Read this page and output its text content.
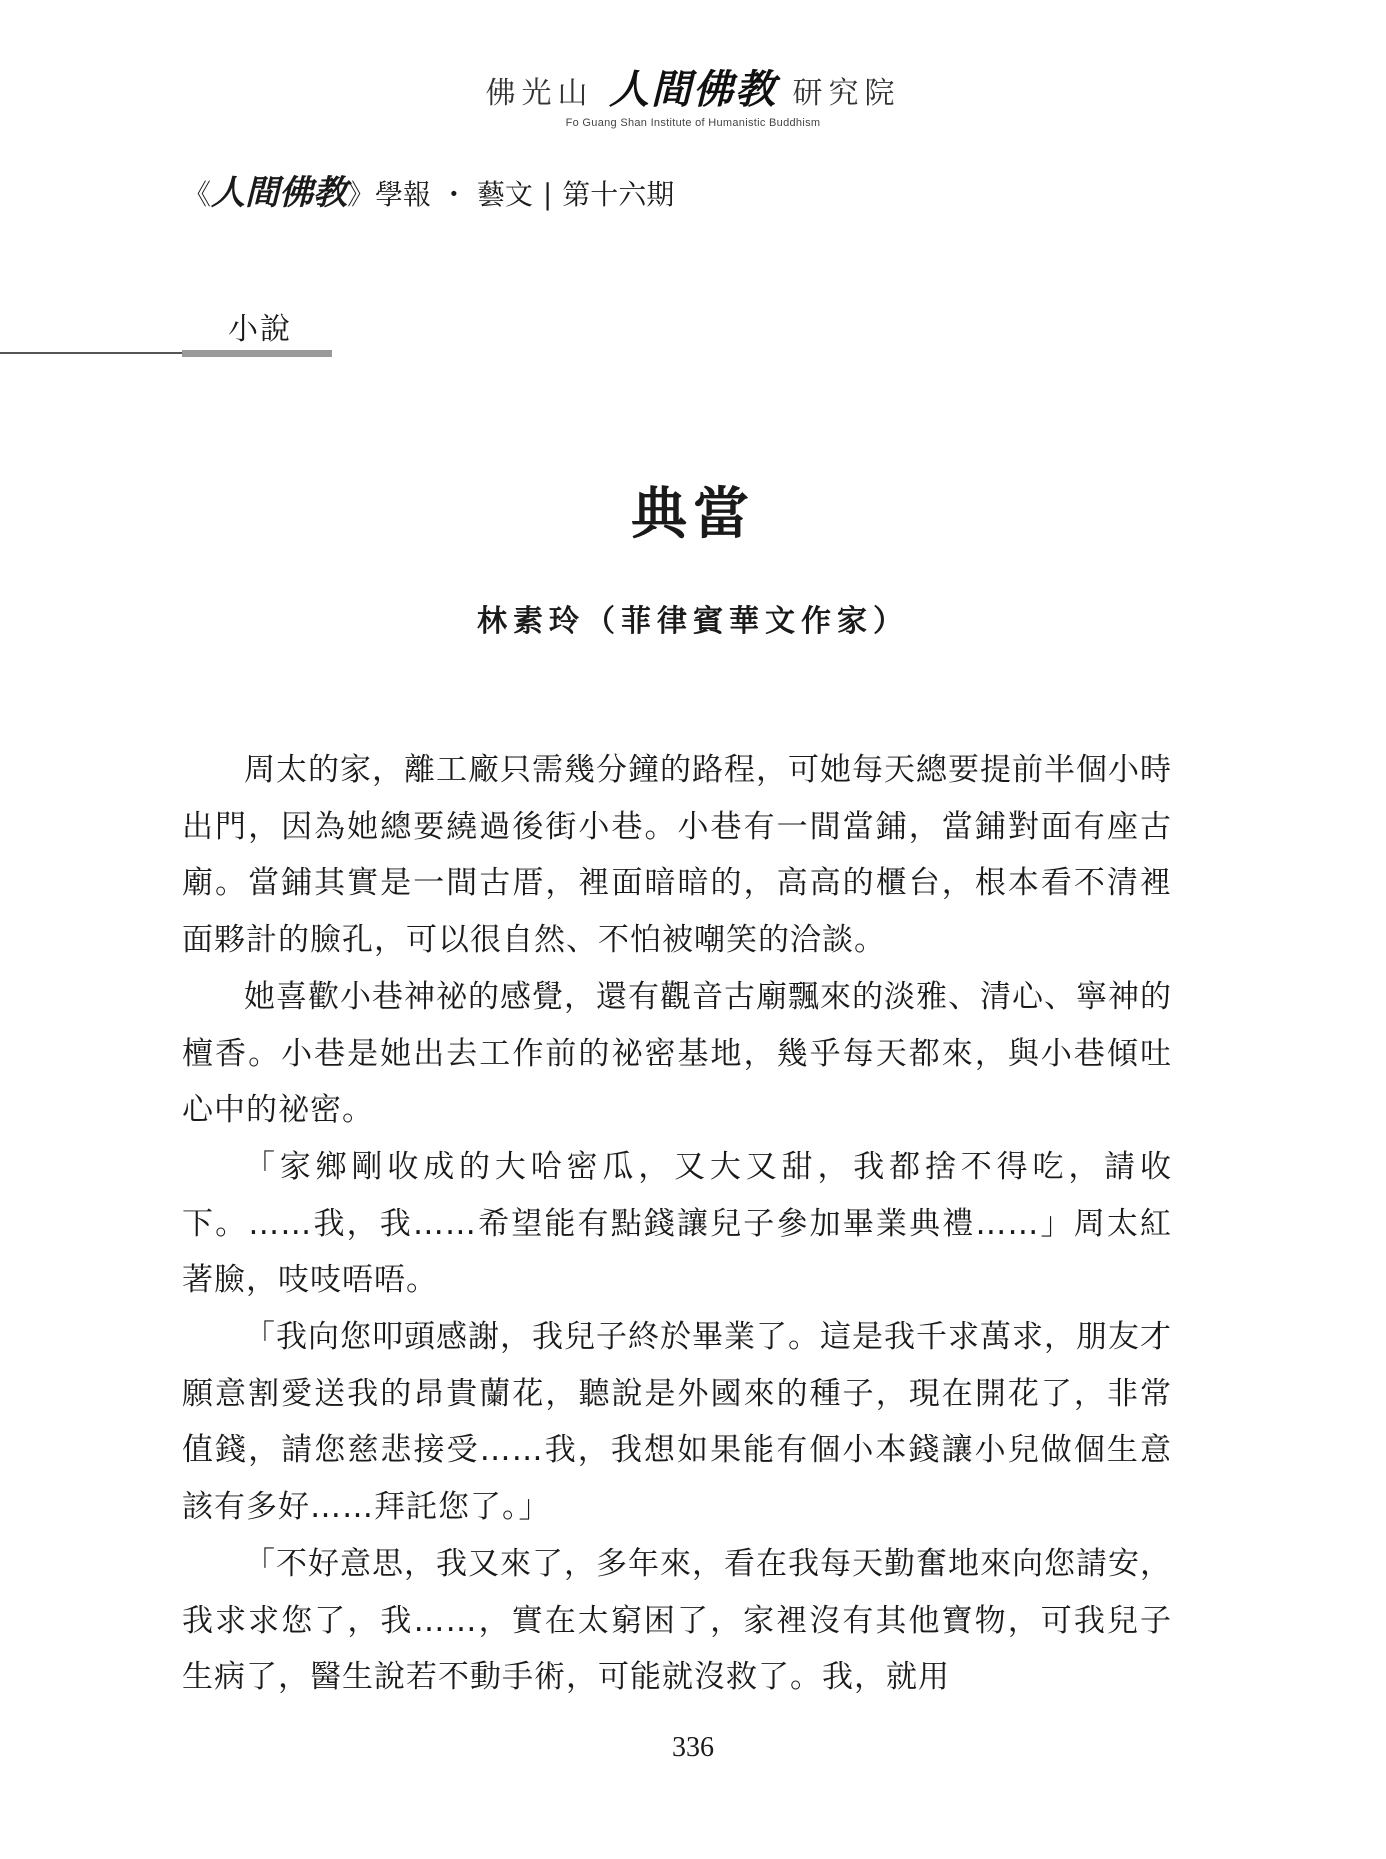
佛光山 人間佛教 研究院
Fo Guang Shan Institute of Humanistic Buddhism
《人間佛教》學報 ・ 藝文 | 第十六期
小說
典當
林素玲（菲律賓華文作家）

周太的家，離工廠只需幾分鐘的路程，可她每天總要提前半個小時出門，因為她總要繞過後街小巷。小巷有一間當鋪，當鋪對面有座古廟。當鋪其實是一間古厝，裡面暗暗的，高高的櫃台，根本看不清裡面夥計的臉孔，可以很自然、不怕被嘲笑的洽談。

她喜歡小巷神祕的感覺，還有觀音古廟飄來的淡雅、清心、寧神的檀香。小巷是她出去工作前的祕密基地，幾乎每天都來，與小巷傾吐心中的祕密。

「家鄉剛收成的大哈密瓜，又大又甜，我都捨不得吃，請收下。……我，我……希望能有點錢讓兒子參加畢業典禮……」周太紅著臉，吱吱唔唔。

「我向您叩頭感謝，我兒子終於畢業了。這是我千求萬求，朋友才願意割愛送我的昂貴蘭花，聽說是外國來的種子，現在開花了，非常值錢，請您慈悲接受……我，我想如果能有個小本錢讓小兒做個生意該有多好……拜託您了。」

「不好意思，我又來了，多年來，看在我每天勤奮地來向您請安，我求求您了，我……，實在太窮困了，家裡沒有其他寶物，可我兒子生病了，醫生說若不動手術，可能就沒救了。我，就用

336
